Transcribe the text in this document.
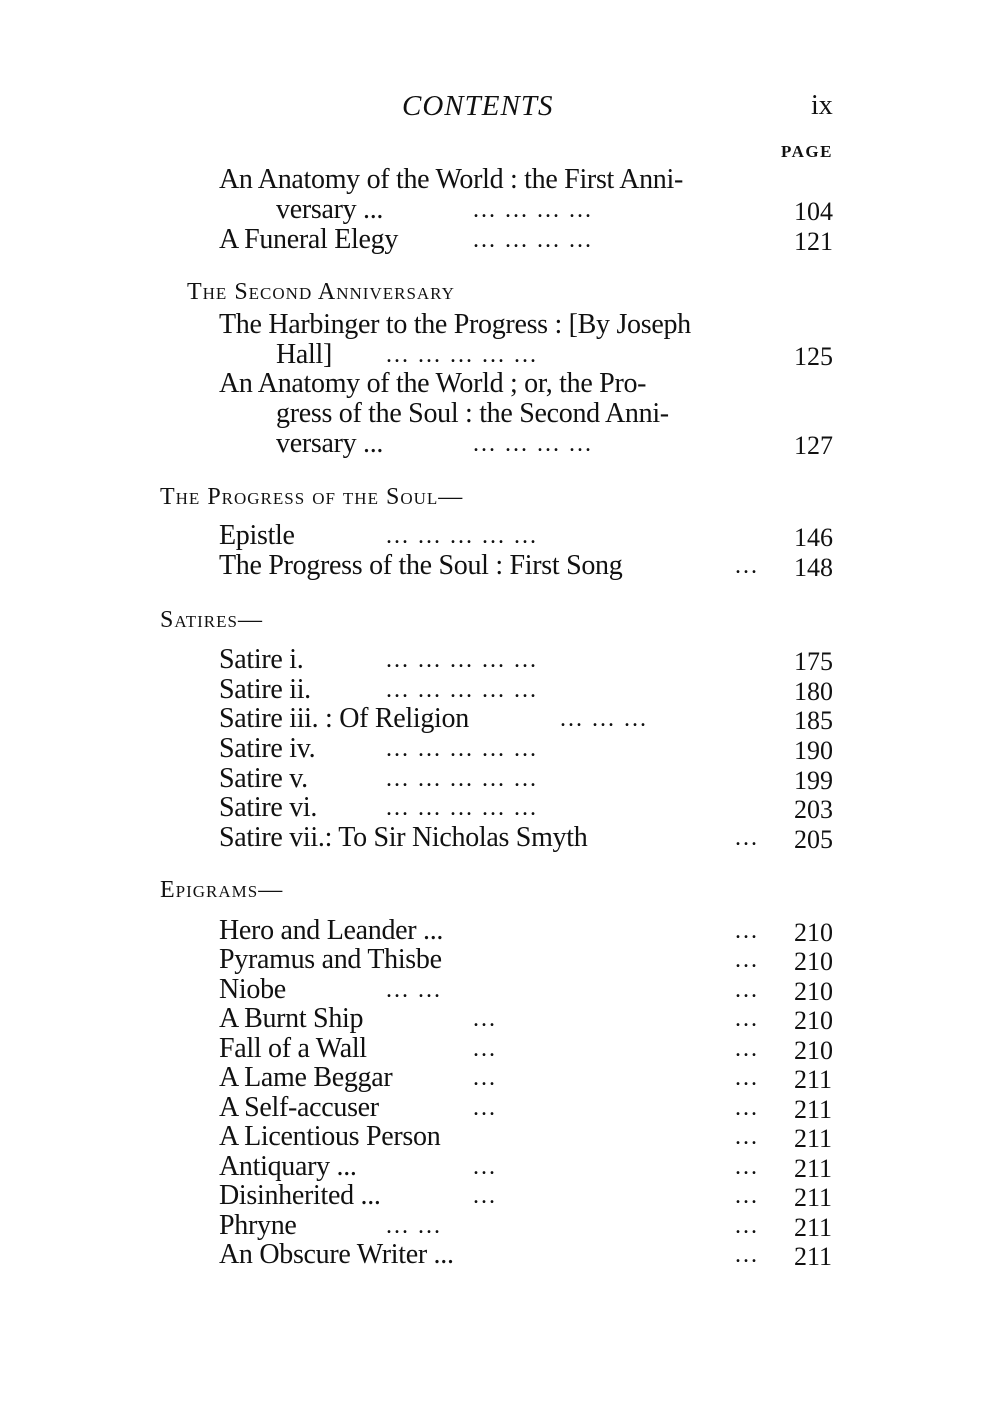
CONTENTS	ix
PAGE
An Anatomy of the World : the First Anni-
versary ...	... ... ... ...	104
A Funeral Elegy	... ... ... ...	121
The Second Anniversary
The Harbinger to the Progress : [By Joseph
Hall] ... ... ... ... ...	125
An Anatomy of the World ; or, the Pro-
gress of the Soul : the Second Anni-
versary ...	... ... ... ...	127
The Progress of the Soul—
Epistle	... ... ... ... ...	146
The Progress of the Soul : First Song	... 148
Satires—
Satire i.	... ... ... ... ...	175
Satire ii.	... ... ... ... ...	180
Satire iii. : Of Religion	... ... ...	185
Satire iv.	... ... ... ... ...	190
Satire v.	... ... ... ... ...	199
Satire vi.	... ... ... ... ...	203
Satire vii.: To Sir Nicholas Smyth	... 205
Epigrams—
Hero and Leander ...	... 210
Pyramus and Thisbe	... 210
Niobe	... ...	... 210
A Burnt Ship	...	... 210
Fall of a Wall	...	... 210
A Lame Beggar	...	... 211
A Self-accuser	...	... 211
A Licentious Person	... 211
Antiquary ...	...	... 211
Disinherited ...	...	... 211
Phryne	... ...	... 211
An Obscure Writer ...	... 211
